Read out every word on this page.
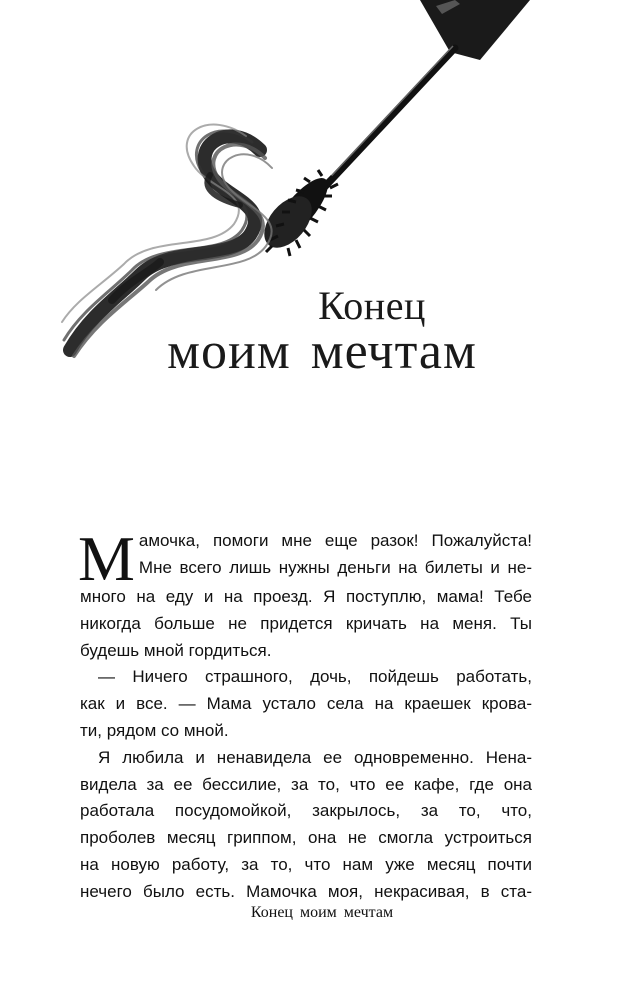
Конец
моим мечтам
М амочка, помоги мне еще разок! Пожалуйста!
Мне всего лишь нужны деньги на билеты и не-
много на еду и на проезд. Я поступлю, мама! Тебе
никогда больше не придется кричать на меня. Ты
будешь мной гордиться.
— Ничего страшного, дочь, пойдешь работать,
как и все. — Мама устало села на краешек крова-
ти, рядом со мной.
Я любила и ненавидела ее одновременно. Нена-
видела за ее бессилие, за то, что ее кафе, где она
работала посудомойкой, закрылось, за то, что,
проболев месяц гриппом, она не смогла устроиться
на новую работу, за то, что нам уже месяц почти
нечего было есть. Мамочка моя, некрасивая, в ста-
Конец моим мечтам
